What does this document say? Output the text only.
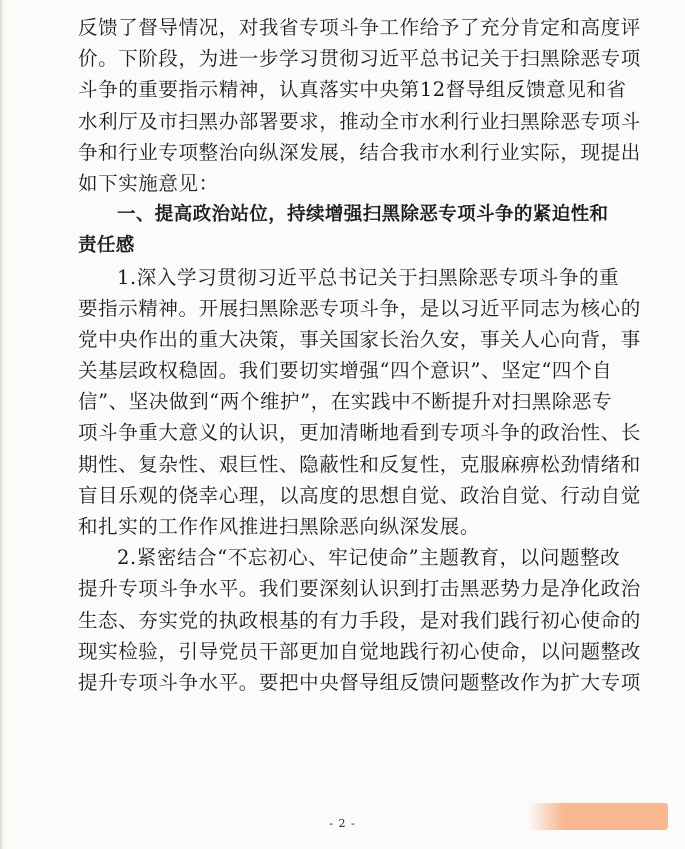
反馈了督导情况，对我省专项斗争工作给予了充分肯定和高度评
价。下阶段，为进一步学习贯彻习近平总书记关于扫黑除恶专项
斗争的重要指示精神，认真落实中央第12督导组反馈意见和省
水利厅及市扫黑办部署要求，推动全市水利行业扫黑除恶专项斗
争和行业专项整治向纵深发展，结合我市水利行业实际，现提出
如下实施意见：
一、提高政治站位，持续增强扫黑除恶专项斗争的紧迫性和
责任感
1.深入学习贯彻习近平总书记关于扫黑除恶专项斗争的重
要指示精神。开展扫黑除恶专项斗争，是以习近平同志为核心的
党中央作出的重大决策，事关国家长治久安，事关人心向背，事
关基层政权稳固。我们要切实增强“四个意识”、坚定“四个自
信”、坚决做到“两个维护”，在实践中不断提升对扫黑除恶专
项斗争重大意义的认识，更加清晰地看到专项斗争的政治性、长
期性、复杂性、艰巨性、隐蔽性和反复性，克服麻痹松劲情绪和
盲目乐观的侥幸心理，以高度的思想自觉、政治自觉、行动自觉
和扎实的工作作风推进扫黑除恶向纵深发展。
2.紧密结合“不忘初心、牢记使命”主题教育，以问题整改
提升专项斗争水平。我们要深刻认识到打击黑恶势力是净化政治
生态、夯实党的执政根基的有力手段，是对我们践行初心使命的
现实检验，引导党员干部更加自觉地践行初心使命，以问题整改
提升专项斗争水平。要把中央督导组反馈问题整改作为扩大专项
- 2 -
